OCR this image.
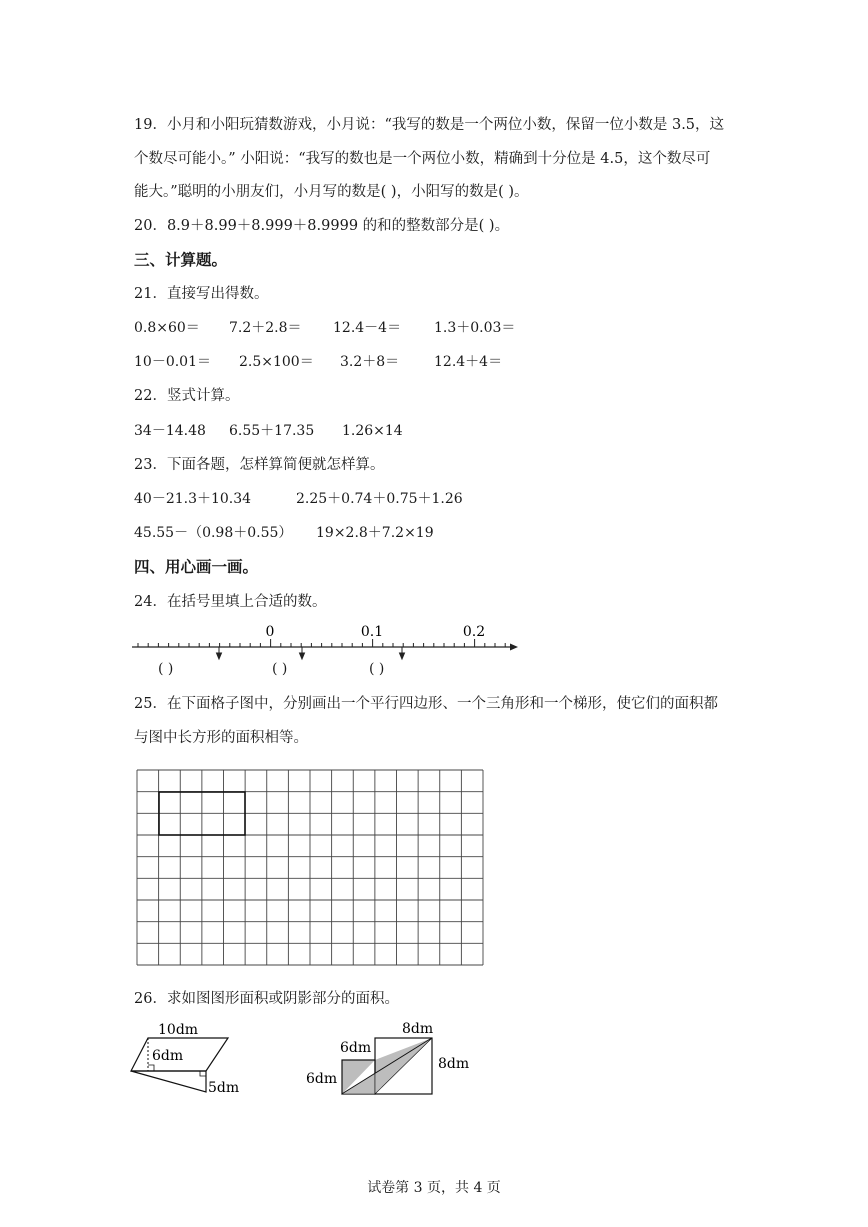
19．小月和小阳玩猜数游戏，小月说：“我写的数是一个两位小数，保留一位小数是 3.5，这
个数尽可能小。” 小阳说：“我写的数也是一个两位小数，精确到十分位是 4.5，这个数尽可
能大。”聪明的小朋友们，小月写的数是( )，小阳写的数是( )。
20．8.9＋8.99＋8.999＋8.9999 的和的整数部分是( )。
三、计算题。
21．直接写出得数。
0.8×60＝ 7.2＋2.8＝ 12.4－4＝ 1.3＋0.03＝
10－0.01＝ 2.5×100＝ 3.2＋8＝ 12.4＋4＝
22．竖式计算。
34－14.48 6.55＋17.35 1.26×14
23．下面各题，怎样算简便就怎样算。
40－21.3＋10.34	2.25＋0.74＋0.75＋1.26
45.55－（0.98＋0.55） 19×2.8＋7.2×19
四、用心画一画。
24．在括号里填上合适的数。
0	0.1	0.2
( )	( )	( )
25．在下面格子图中，分别画出一个平行四边形、一个三角形和一个梯形，使它们的面积都
与图中长方形的面积相等。
26．求如图图形面积或阴影部分的面积。
10dm
6dm
5dm
6dm
6dm
8dm
8dm
试卷第 3 页，共 4 页
